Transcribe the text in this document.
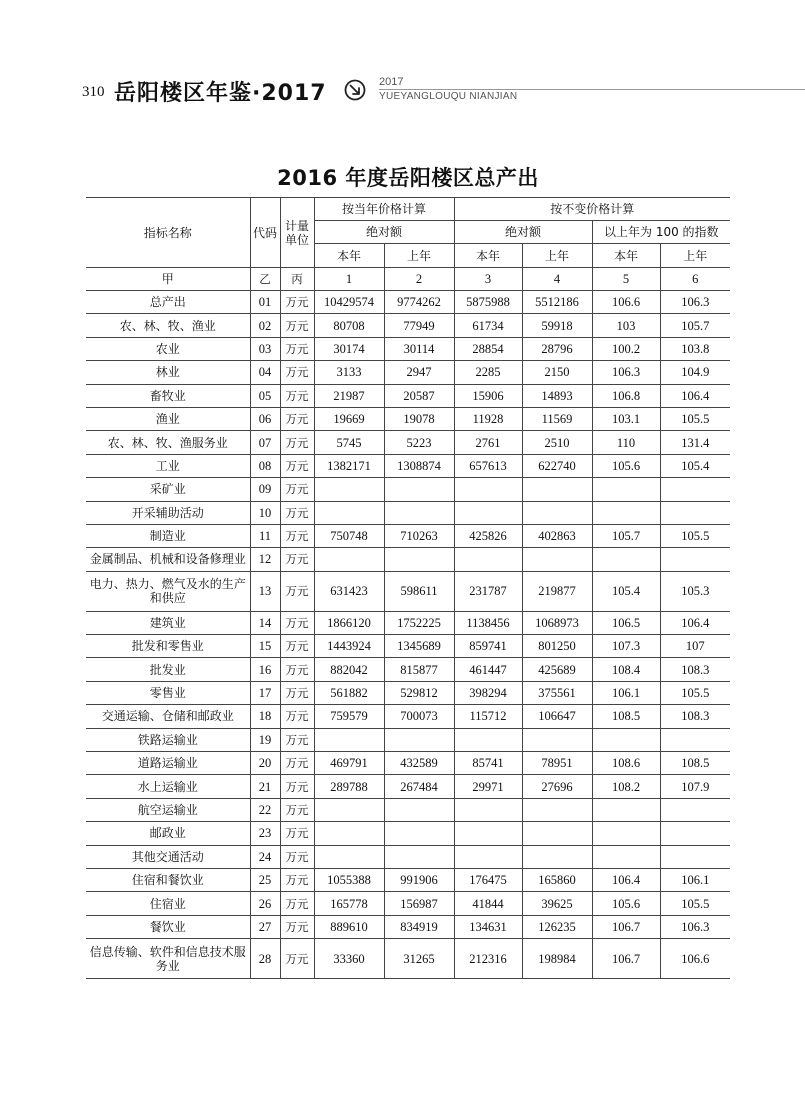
310 岳阳楼区年鉴·2017	2017
YUEYANGLOUQU NIANJIAN
2016 年度岳阳楼区总产出
指标名称	代码	计量单位	按当年价格计算		按不变价格计算			
			绝对额		绝对额		以上年为 100 的指数	
			本年	上年	本年	上年	本年	上年
甲	乙	丙	1	2	3	4	5	6
总产出	01	万元	10429574	9774262	5875988	5512186	106.6	106.3
农、林、牧、渔业	02	万元	80708	77949	61734	59918	103	105.7
农业	03	万元	30174	30114	28854	28796	100.2	103.8
林业	04	万元	3133	2947	2285	2150	106.3	104.9
畜牧业	05	万元	21987	20587	15906	14893	106.8	106.4
渔业	06	万元	19669	19078	11928	11569	103.1	105.5
农、林、牧、渔服务业	07	万元	5745	5223	2761	2510	110	131.4
工业	08	万元	1382171	1308874	657613	622740	105.6	105.4
采矿业	09	万元						
开采辅助活动	10	万元						
制造业	11	万元	750748	710263	425826	402863	105.7	105.5
金属制品、机械和设备修理业	12	万元						
电力、热力、燃气及水的生产和供应	13	万元	631423	598611	231787	219877	105.4	105.3
建筑业	14	万元	1866120	1752225	1138456	1068973	106.5	106.4
批发和零售业	15	万元	1443924	1345689	859741	801250	107.3	107
批发业	16	万元	882042	815877	461447	425689	108.4	108.3
零售业	17	万元	561882	529812	398294	375561	106.1	105.5
交通运输、仓储和邮政业	18	万元	759579	700073	115712	106647	108.5	108.3
铁路运输业	19	万元						
道路运输业	20	万元	469791	432589	85741	78951	108.6	108.5
水上运输业	21	万元	289788	267484	29971	27696	108.2	107.9
航空运输业	22	万元						
邮政业	23	万元						
其他交通活动	24	万元						
住宿和餐饮业	25	万元	1055388	991906	176475	165860	106.4	106.1
住宿业	26	万元	165778	156987	41844	39625	105.6	105.5
餐饮业	27	万元	889610	834919	134631	126235	106.7	106.3
信息传输、软件和信息技术服务业	28	万元	33360	31265	212316	198984	106.7	106.6
